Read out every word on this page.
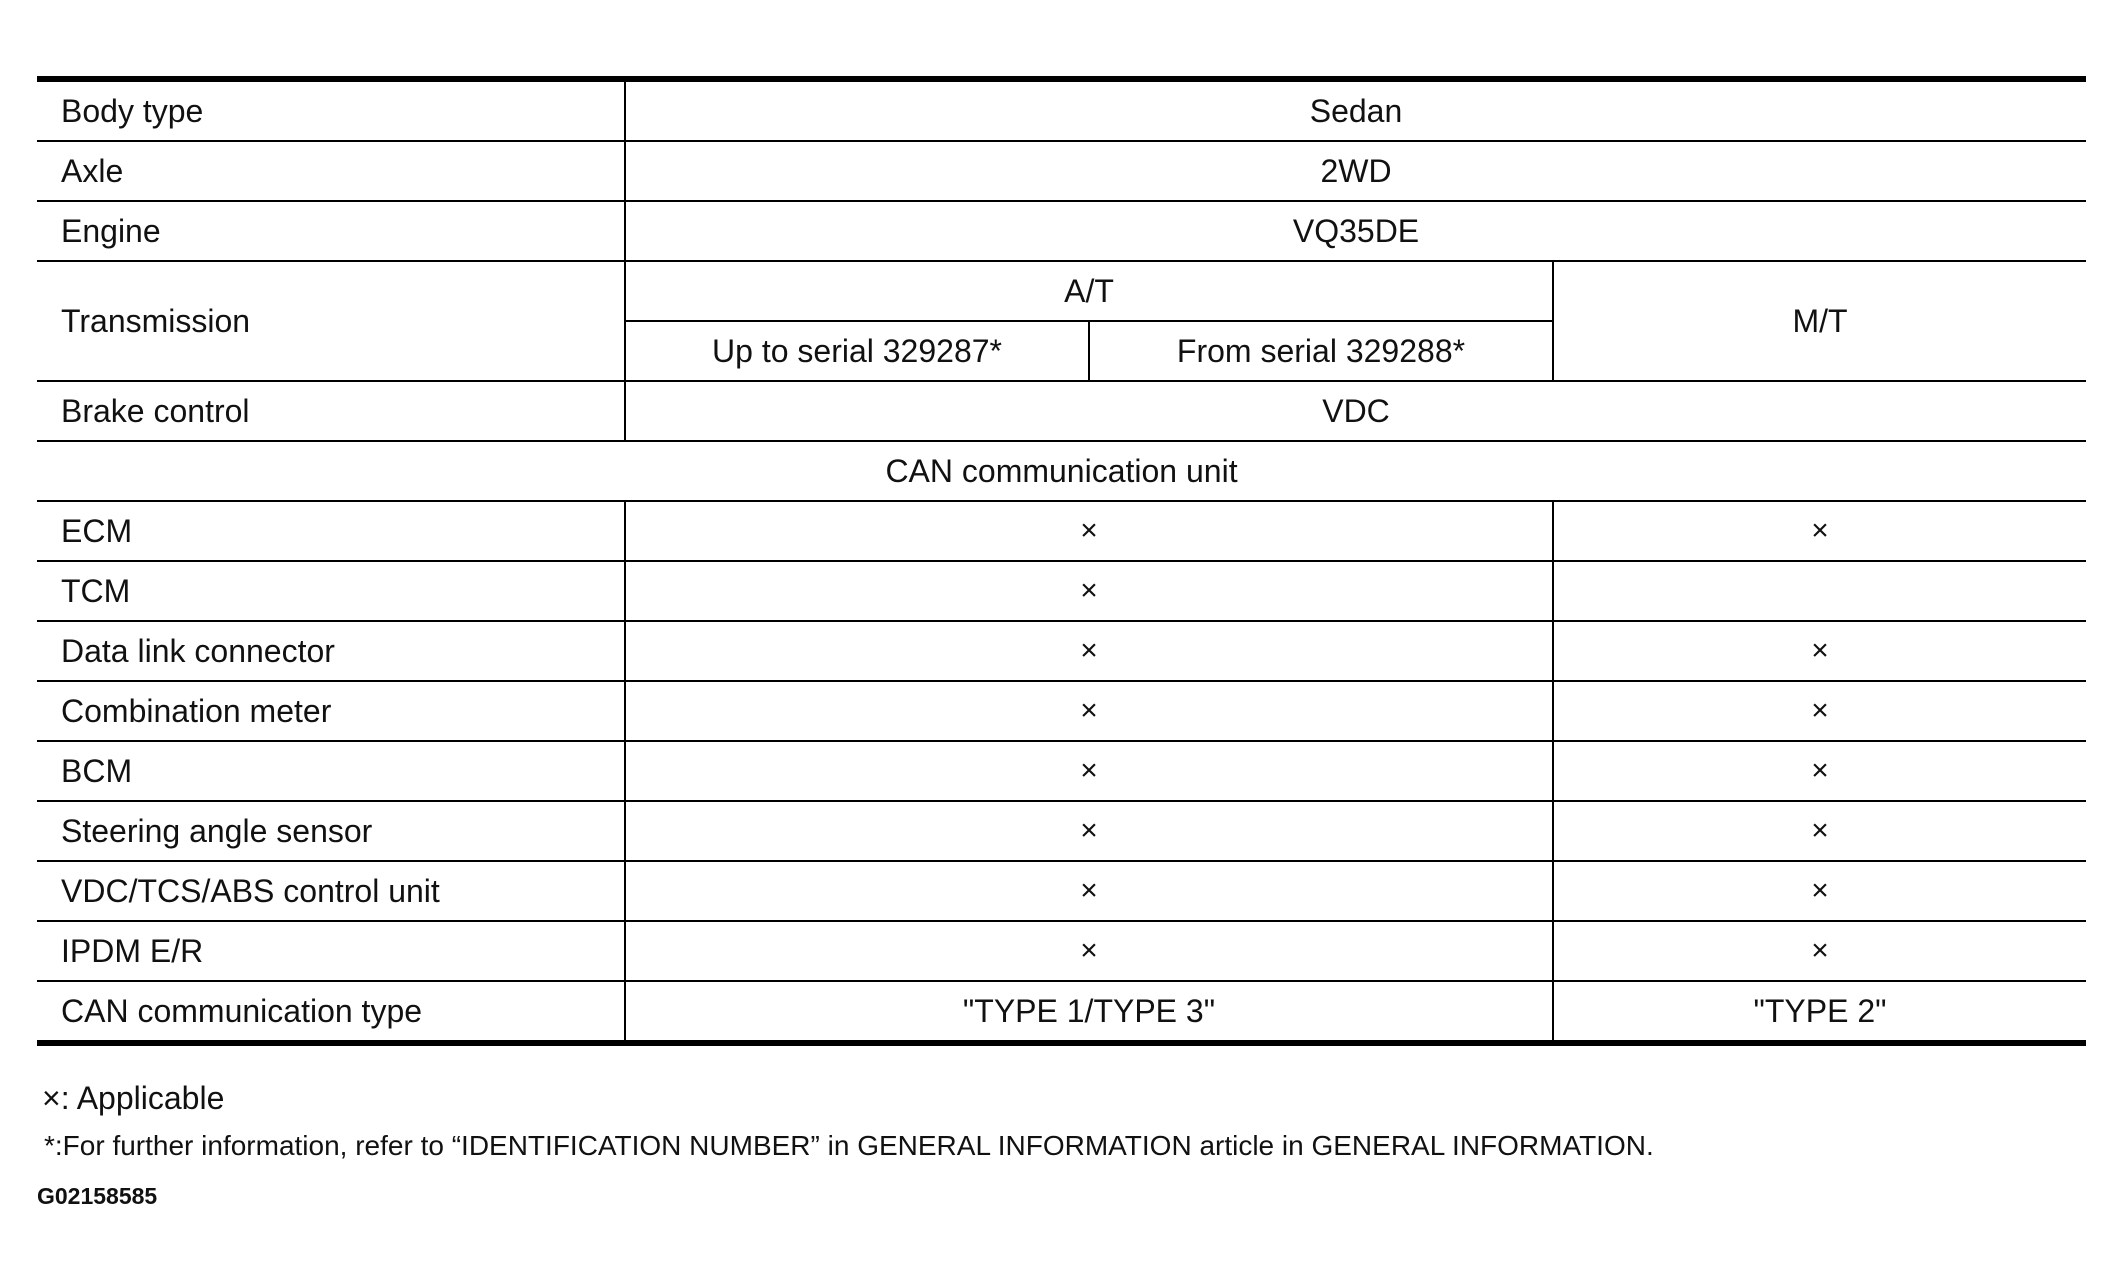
Body type	Sedan		
Axle	2WD		
Engine	VQ35DE		
Transmission	A/T		M/T
	Up to serial 329287*	From serial 329288*	
Brake control	VDC		
CAN communication unit			
ECM	×		×
TCM	×		
Data link connector	×		×
Combination meter	×		×
BCM	×		×
Steering angle sensor	×		×
VDC/TCS/ABS control unit	×		×
IPDM E/R	×		×
CAN communication type	"TYPE 1/TYPE 3"		"TYPE 2"
×: Applicable
*:For further information, refer to “IDENTIFICATION NUMBER” in GENERAL INFORMATION article in GENERAL INFORMATION.
G02158585
